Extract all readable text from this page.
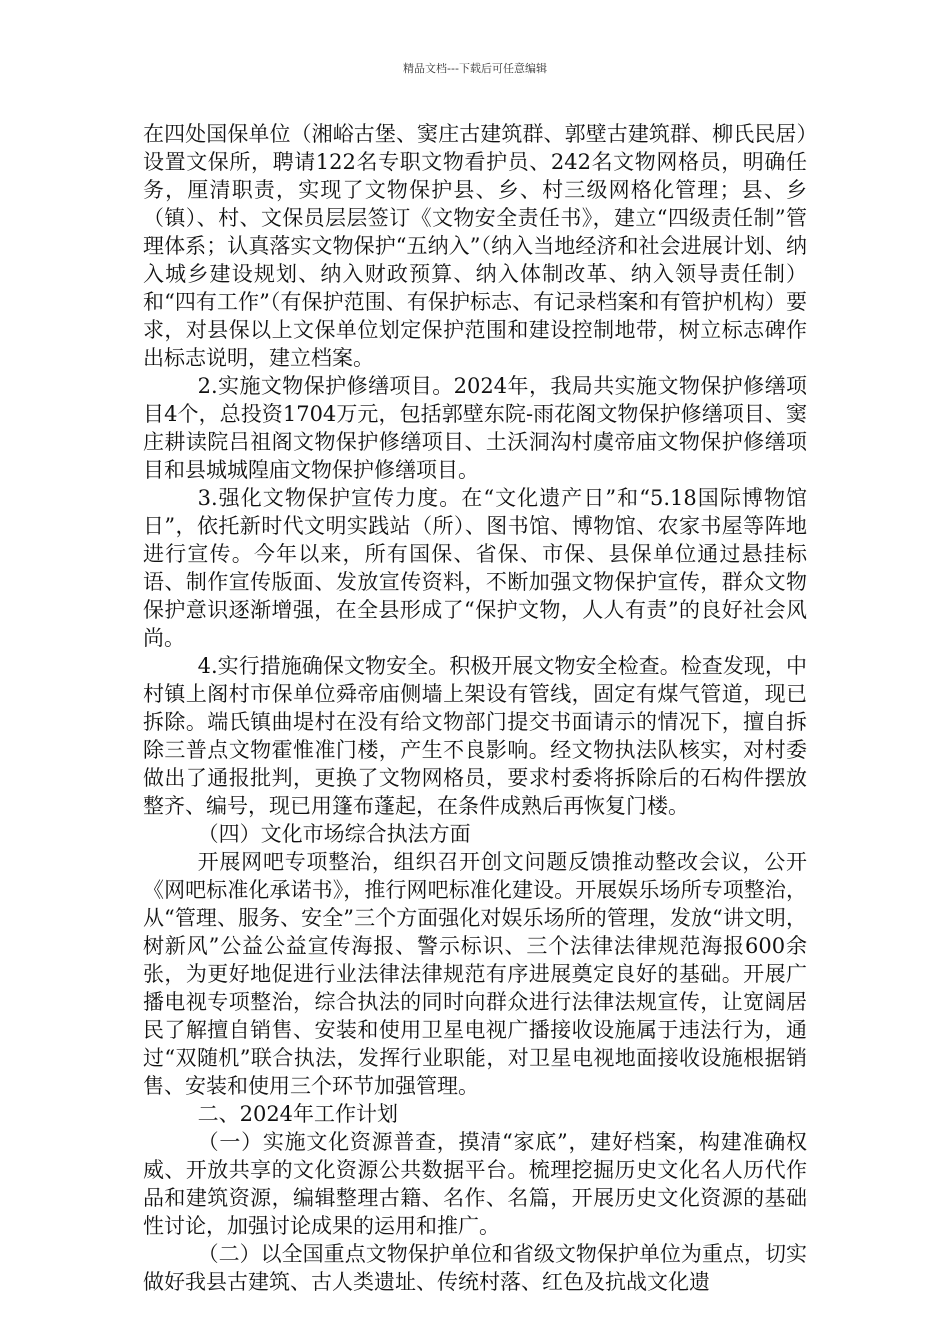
精品文档---下载后可任意编辑

在四处国保单位（湘峪古堡、窦庄古建筑群、郭壁古建筑群、柳氏民居）设置文保所，聘请122名专职文物看护员、242名文物网格员，明确任务，厘清职责，实现了文物保护县、乡、村三级网格化管理；县、乡（镇）、村、文保员层层签订《文物安全责任书》，建立“四级责任制”管理体系；认真落实文物保护“五纳入”（纳入当地经济和社会进展计划、纳入城乡建设规划、纳入财政预算、纳入体制改革、纳入领导责任制）和“四有工作”（有保护范围、有保护标志、有记录档案和有管护机构）要求，对县保以上文保单位划定保护范围和建设控制地带，树立标志碑作出标志说明，建立档案。

2.实施文物保护修缮项目。2024年，我局共实施文物保护修缮项目4个，总投资1704万元，包括郭壁东院-雨花阁文物保护修缮项目、窦庄耕读院吕祖阁文物保护修缮项目、土沃洞沟村虞帝庙文物保护修缮项目和县城城隍庙文物保护修缮项目。

3.强化文物保护宣传力度。在“文化遗产日”和“5.18国际博物馆日”，依托新时代文明实践站（所）、图书馆、博物馆、农家书屋等阵地进行宣传。今年以来，所有国保、省保、市保、县保单位通过悬挂标语、制作宣传版面、发放宣传资料，不断加强文物保护宣传，群众文物保护意识逐渐增强，在全县形成了“保护文物，人人有责”的良好社会风尚。

4.实行措施确保文物安全。积极开展文物安全检查。检查发现，中村镇上阁村市保单位舜帝庙侧墙上架设有管线，固定有煤气管道，现已拆除。端氏镇曲堤村在没有给文物部门提交书面请示的情况下，擅自拆除三普点文物霍惟准门楼，产生不良影响。经文物执法队核实，对村委做出了通报批判，更换了文物网格员，要求村委将拆除后的石构件摆放整齐、编号，现已用篷布蓬起，在条件成熟后再恢复门楼。

（四）文化市场综合执法方面

开展网吧专项整治，组织召开创文问题反馈推动整改会议，公开《网吧标准化承诺书》，推行网吧标准化建设。开展娱乐场所专项整治，从“管理、服务、安全”三个方面强化对娱乐场所的管理，发放“讲文明，树新风”公益公益宣传海报、警示标识、三个法律法律规范海报600余张，为更好地促进行业法律法律规范有序进展奠定良好的基础。开展广播电视专项整治，综合执法的同时向群众进行法律法规宣传，让宽阔居民了解擅自销售、安装和使用卫星电视广播接收设施属于违法行为，通过“双随机”联合执法，发挥行业职能，对卫星电视地面接收设施根据销售、安装和使用三个环节加强管理。

二、2024年工作计划

（一）实施文化资源普查，摸清“家底”，建好档案，构建准确权威、开放共享的文化资源公共数据平台。梳理挖掘历史文化名人历代作品和建筑资源，编辑整理古籍、名作、名篇，开展历史文化资源的基础性讨论，加强讨论成果的运用和推广。

（二）以全国重点文物保护单位和省级文物保护单位为重点，切实做好我县古建筑、古人类遗址、传统村落、红色及抗战文化遗
